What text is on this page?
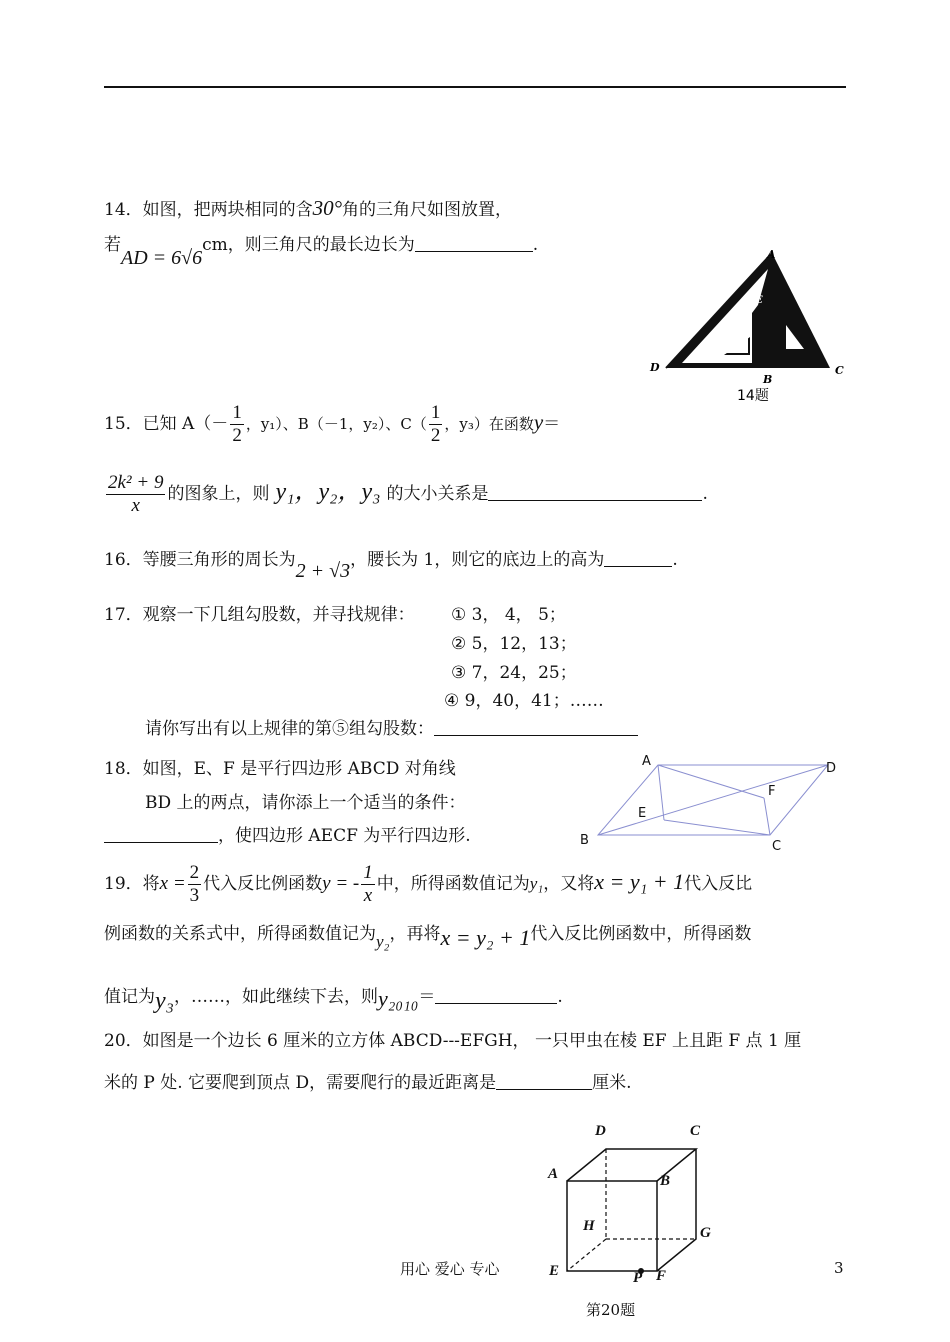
14．如图，把两块相同的含30°角的三角尺如图放置，
若AD = 6√6cm，则三角尺的最长边长为	.	A
E
D
B
C
14题
15．已知 $A(- \frac{1}{2}$ ，y₁）、B（－1，y₂）、$C( \frac{1}{2}$ ，y₃）在函数y＝
$\frac{\text{2k² + 9}}{x}$ 的图象上，则 y₁，y₂，y₃ 的大小关系是	.
16．等腰三角形的周长为2 + √3，腰长为 1，则它的底边上的高为	.
17．观察一下几组勾股数，并寻找规律： ① 3， 4， 5；
② 5，12，13；
③ 7，24，25；
④ 9，40，41；……
请你写出有以上规律的第⑤组勾股数：
18．如图，E、F 是平行四边形 ABCD 对角线
BD 上的两点，请你添上一个适当的条件：
，使四边形 AECF 为平行四边形.
A
B	C
D
E
F
19．将$x = \frac{2}{3}$ 代入反比例函数y = - $\frac{1}{x}$ 中，所得函数值记为y₁，又将x = y₁ + 1代入反比
例函数的关系式中，所得函数值记为y₂，再将x = y₂ + 1代入反比例函数中，所得函数
值记为y₃，……，如此继续下去，则y₂₀₁₀＝	.
20．如图是一个边长 6 厘米的立方体 ABCD---EFGH， 一只甲虫在棱 EF 上且距 F 点 1 厘
米的 P 处. 它要爬到顶点 D，需要爬行的最近距离是	厘米.
A	B
C
D
E	F
G
H
P
第20题
用心 爱心 专心	3
